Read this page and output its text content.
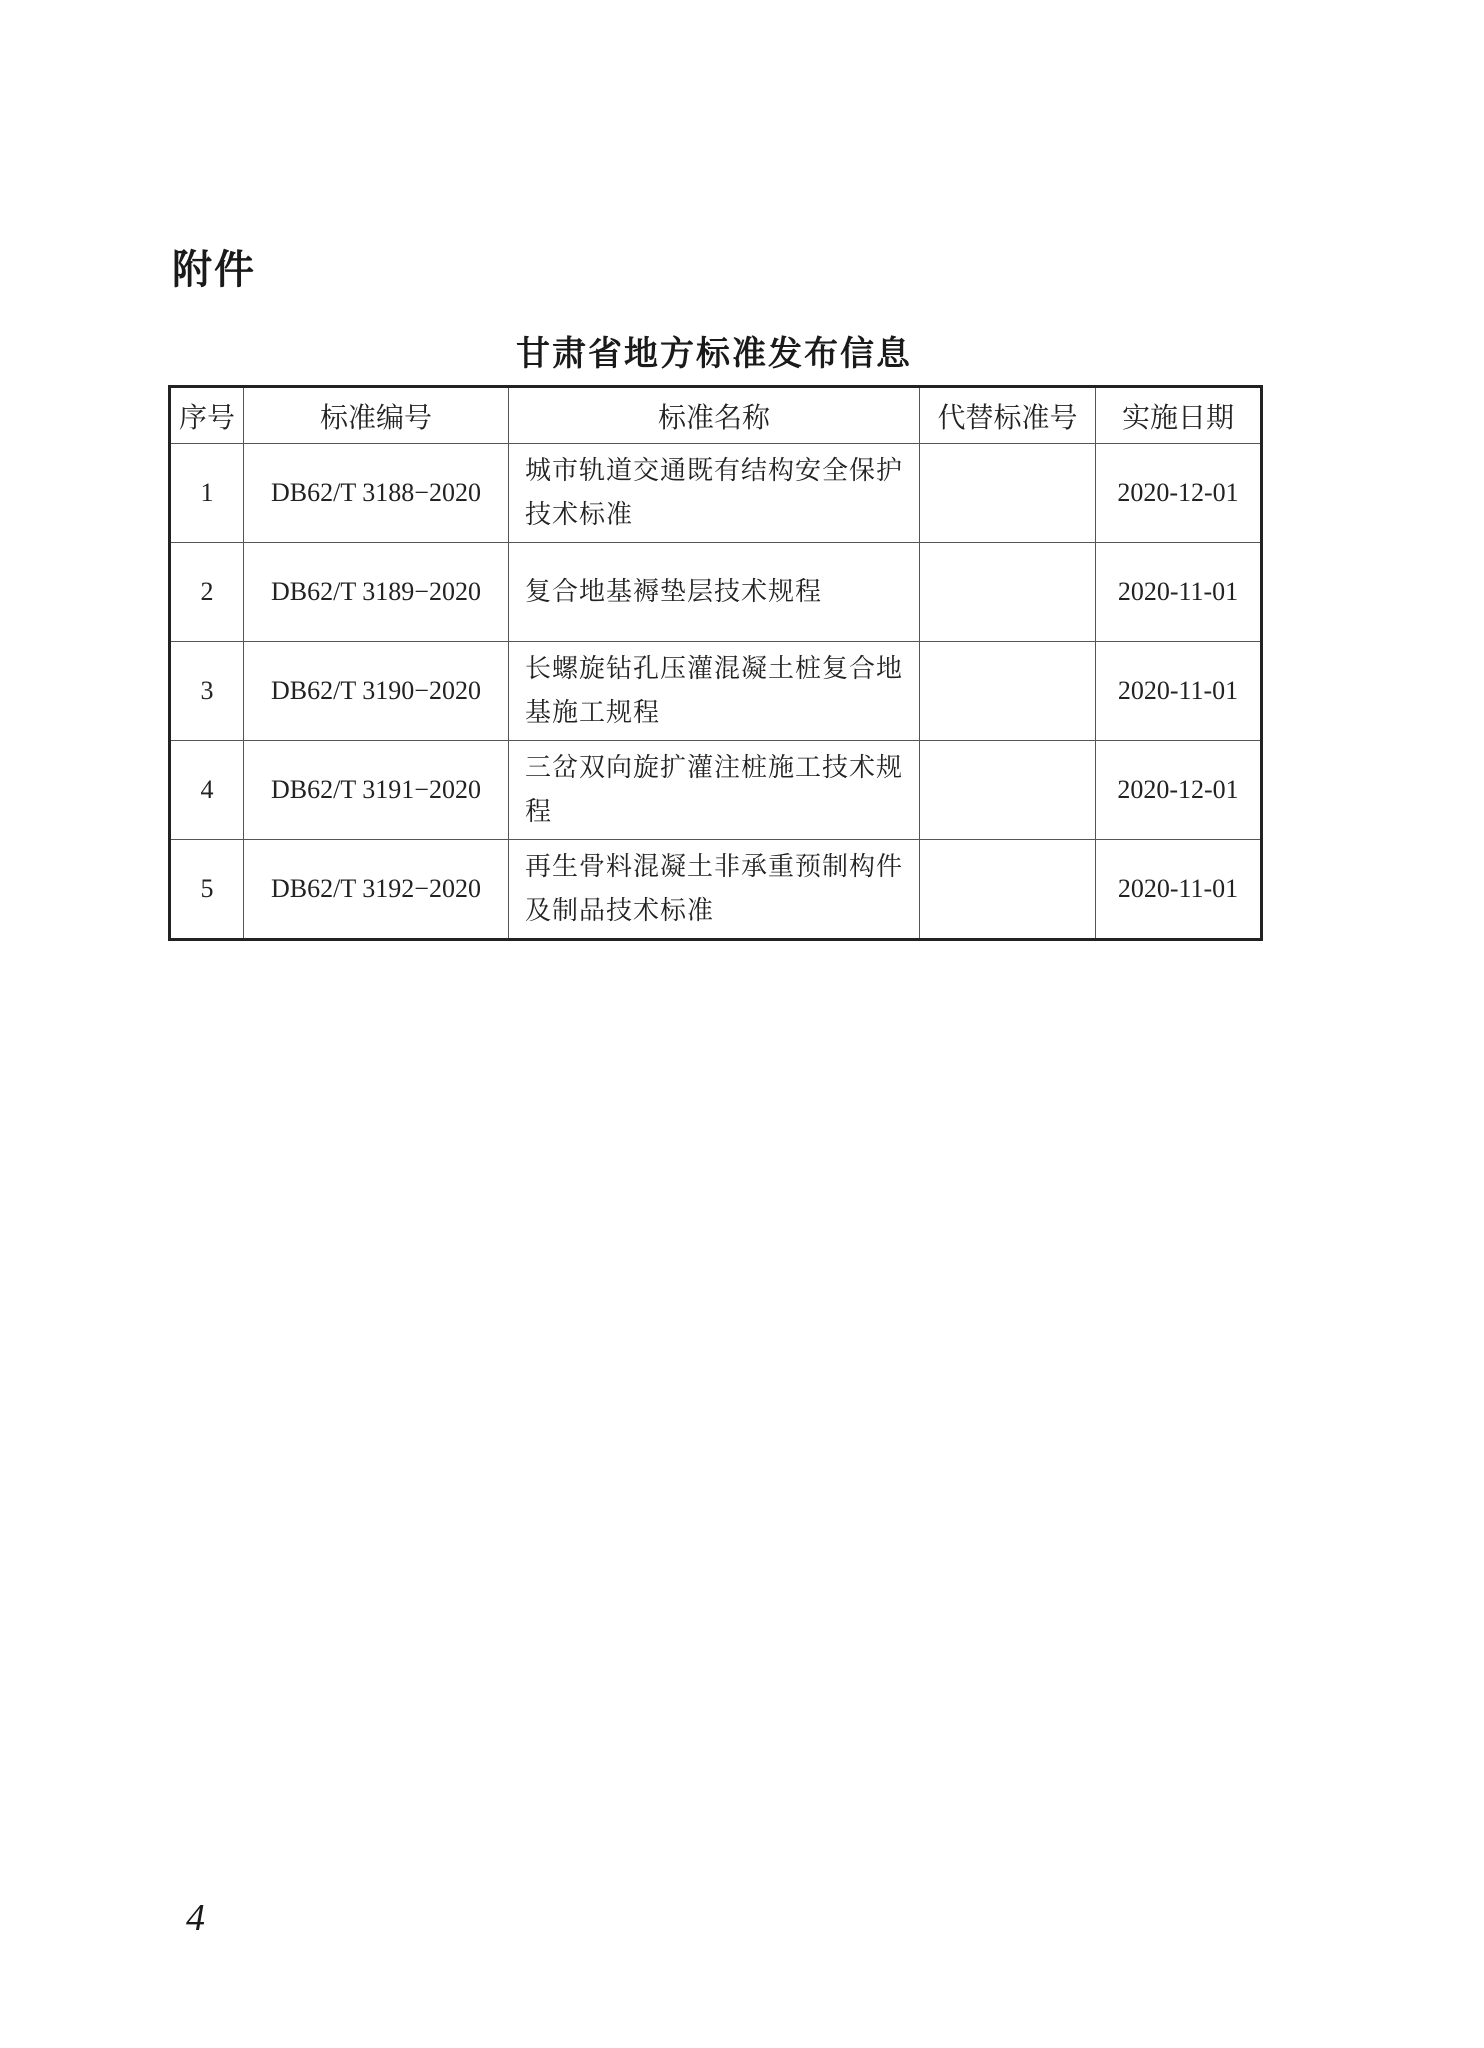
附件
甘肃省地方标准发布信息
序号	标准编号	标准名称	代替标准号	实施日期
1	DB62/T 3188−2020	城市轨道交通既有结构安全保护技术标准		2020-12-01
2	DB62/T 3189−2020	复合地基褥垫层技术规程		2020-11-01
3	DB62/T 3190−2020	长螺旋钻孔压灌混凝土桩复合地基施工规程		2020-11-01
4	DB62/T 3191−2020	三岔双向旋扩灌注桩施工技术规程		2020-12-01
5	DB62/T 3192−2020	再生骨料混凝土非承重预制构件及制品技术标准		2020-11-01
4
